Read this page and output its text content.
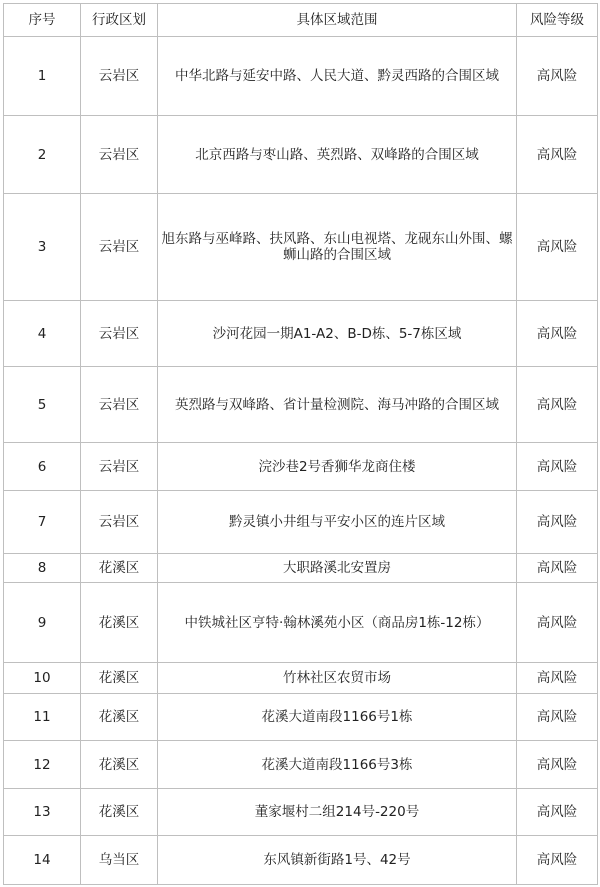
序号	行政区划	具体区域范围	风险等级
1	云岩区	中华北路与延安中路、人民大道、黔灵西路的合围区域	高风险
2	云岩区	北京西路与枣山路、英烈路、双峰路的合围区域	高风险
3	云岩区	旭东路与巫峰路、扶风路、东山电视塔、龙砚东山外围、螺蛳山路的合围区域	高风险
4	云岩区	沙河花园一期A1-A2、B-D栋、5-7栋区域	高风险
5	云岩区	英烈路与双峰路、省计量检测院、海马冲路的合围区域	高风险
6	云岩区	浣沙巷2号香狮华龙商住楼	高风险
7	云岩区	黔灵镇小井组与平安小区的连片区域	高风险
8	花溪区	大职路溪北安置房	高风险
9	花溪区	中铁城社区亨特·翰林溪苑小区（商品房1栋-12栋）	高风险
10	花溪区	竹林社区农贸市场	高风险
11	花溪区	花溪大道南段1166号1栋	高风险
12	花溪区	花溪大道南段1166号3栋	高风险
13	花溪区	董家堰村二组214号-220号	高风险
14	乌当区	东风镇新街路1号、42号	高风险
